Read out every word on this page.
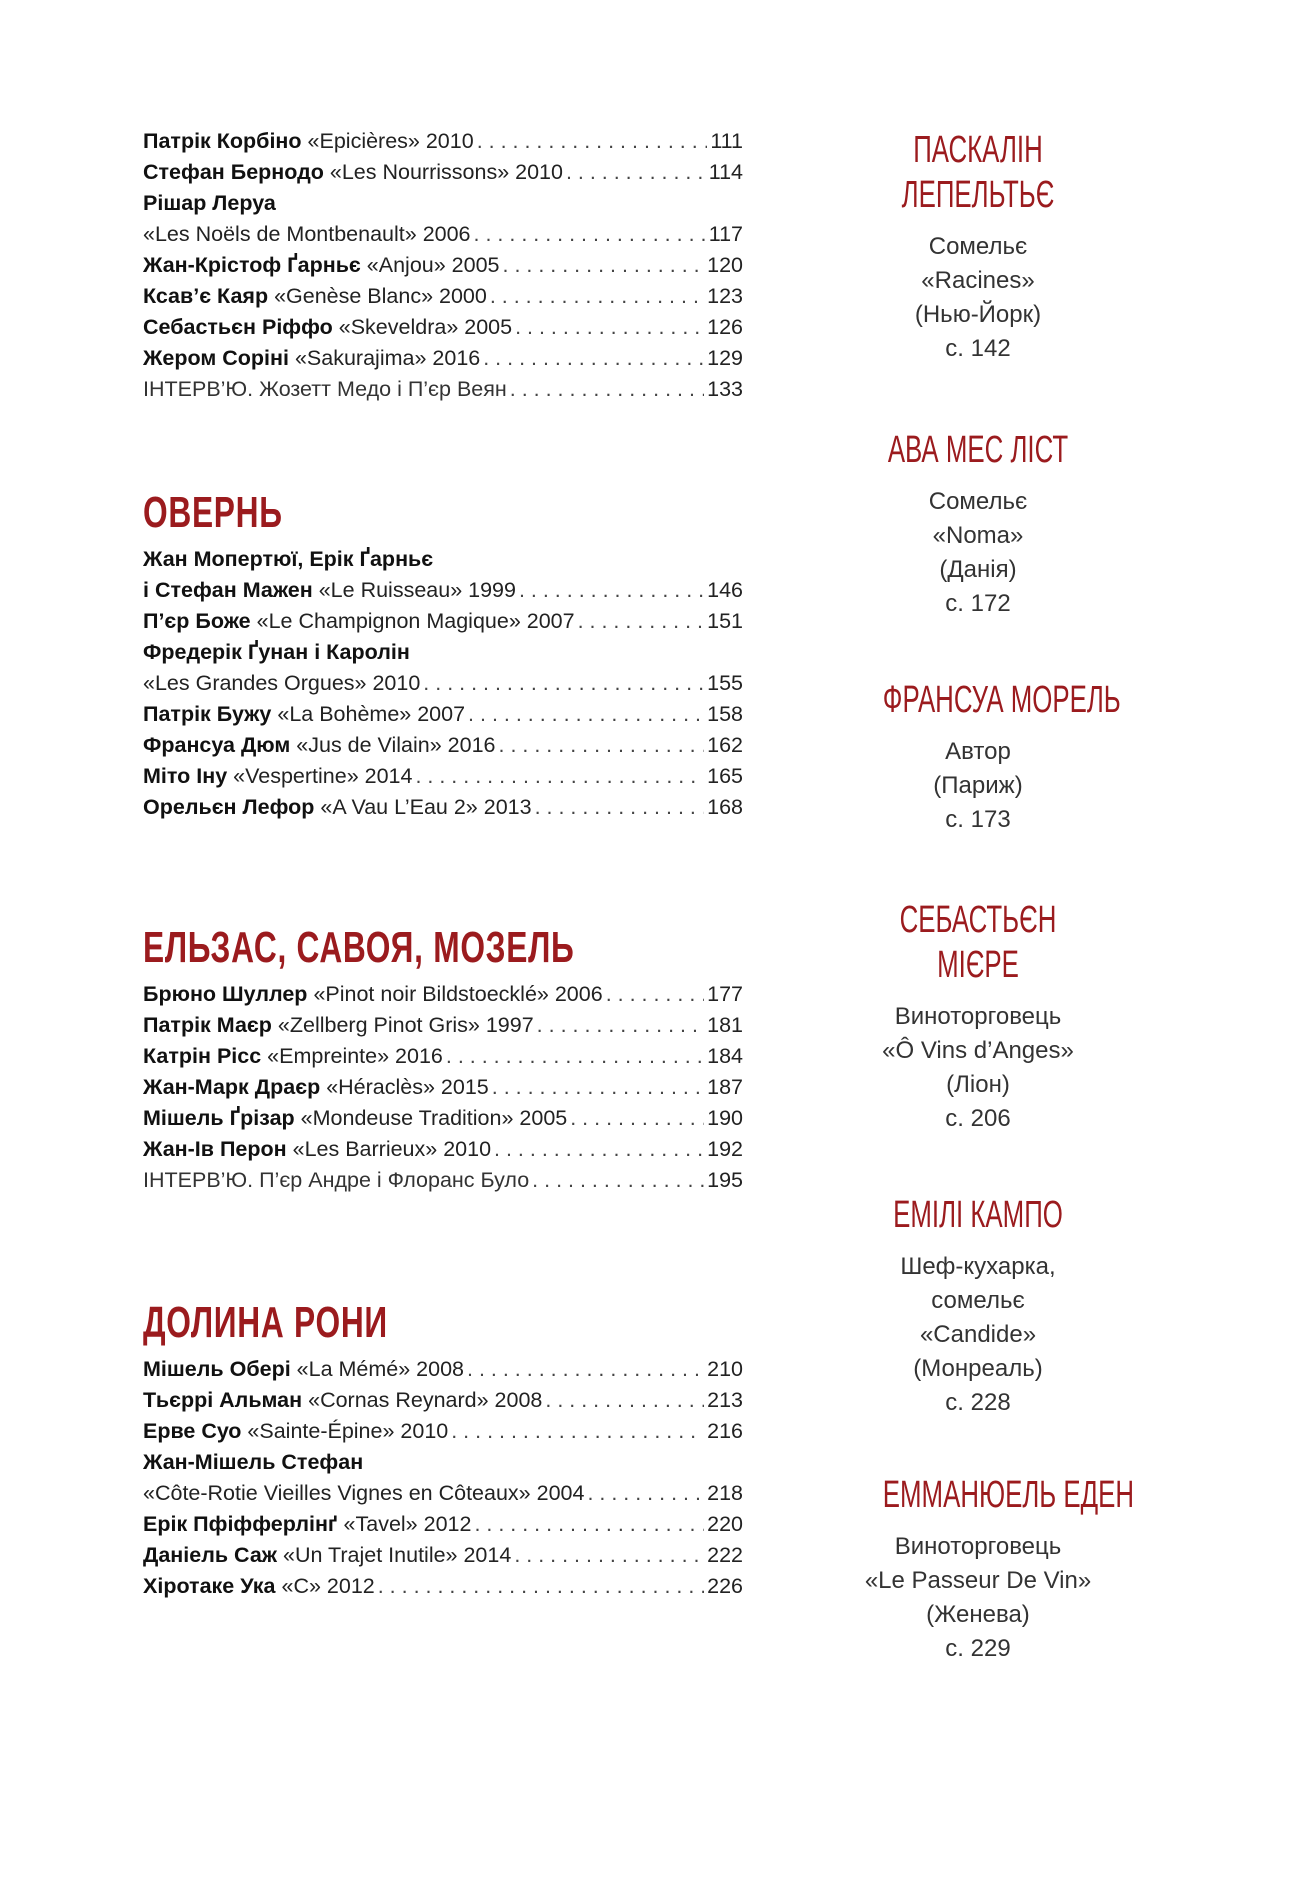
Патрік Корбіно «Epicières» 2010 . . .	111
Стефан Бернодо «Les Nourrissons» 2010 . . .	114
Рішар Леруа
«Les Noëls de Montbenault» 2006 . . .	117
Жан-Крістоф Ґарньє «Anjou» 2005 . . .	120
Ксав’є Каяр «Genèse Blanc» 2000 . . .	123
Себастьєн Ріффо «Skeveldra» 2005 . . .	126
Жером Соріні «Sakurajima» 2016 . . .	129
ІНТЕРВ’Ю. Жозетт Медо і П’єр Веян . . .	133
ОВЕРНЬ
Жан Мопертюї, Ерік Ґарньє
і Стефан Мажен «Le Ruisseau» 1999 . . .	146
П’єр Боже «Le Champignon Magique» 2007 . . .	151
Фредерік Ґунан і Каролін
«Les Grandes Orgues» 2010 . . .	155
Патрік Бужу «La Bohème» 2007 . . .	158
Франсуа Дюм «Jus de Vilain» 2016 . . .	162
Міто Іну «Vespertine» 2014 . . .	165
Орельєн Лефор «A Vau L’Eau 2» 2013 . . .	168
ЕЛЬЗАС, САВОЯ, МОЗЕЛЬ
Брюно Шуллер «Pinot noir Bildstoecklé» 2006 . . .	177
Патрік Маєр «Zellberg Pinot Gris» 1997 . . .	181
Катрін Ріcс «Empreinte» 2016 . . .	184
Жан-Марк Драєр «Héraclès» 2015 . . .	187
Мішель Ґрізар «Mondeuse Tradition» 2005 . . .	190
Жан-Ів Перон «Les Barrieux» 2010 . . .	192
ІНТЕРВ’Ю. П’єр Андре і Флоранс Було . . .	195
ДОЛИНА РОНИ
Мішель Обері «La Mémé» 2008 . . .	210
Тьєррі Альман «Cornas Reynard» 2008 . . .	213
Ерве Суо «Sainte-Épine» 2010 . . .	216
Жан-Мішель Стефан
«Côte-Rotie Vieilles Vignes en Côteaux» 2004 . . .	218
Ерік Пфіфферлінґ «Tavel» 2012 . . .	220
Даніель Саж «Un Trajet Inutile» 2014 . . .	222
Хіротаке Ука «С» 2012 . . .	226
ПАСКАЛІН
ЛЕПЕЛЬТЬЄ
Сомельє
«Racines»
(Нью-Йорк)
с. 142
АВА МЕС ЛІСТ
Сомельє
«Noma»
(Данія)
с. 172
ФРАНСУА МОРЕЛЬ
Автор
(Париж)
с. 173
СЕБАСТЬЄН
МІЄРЕ
Виноторговець
«Ô Vins d’Anges»
(Ліон)
с. 206
ЕМІЛІ КАМПО
Шеф-кухарка,
сомельє
«Candide»
(Монреаль)
с. 228
ЕММАНЮЕЛЬ ЕДЕН
Виноторговець
«Le Passeur De Vin»
(Женева)
с. 229
